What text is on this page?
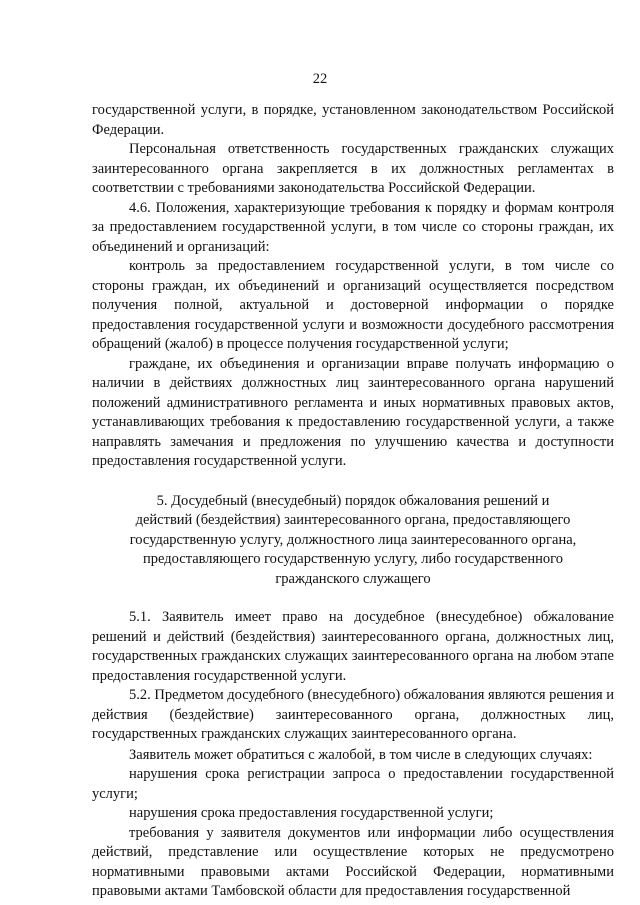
22

государственной услуги, в порядке, установленном законодательством Российской Федерации.

Персональная ответственность государственных гражданских служащих заинтересованного органа закрепляется в их должностных регламентах в соответствии с требованиями законодательства Российской Федерации.

4.6. Положения, характеризующие требования к порядку и формам контроля за предоставлением государственной услуги, в том числе со стороны граждан, их объединений и организаций:

контроль за предоставлением государственной услуги, в том числе со стороны граждан, их объединений и организаций осуществляется посредством получения полной, актуальной и достоверной информации о порядке предоставления государственной услуги и возможности досудебного рассмотрения обращений (жалоб) в процессе получения государственной услуги;

граждане, их объединения и организации вправе получать информацию о наличии в действиях должностных лиц заинтересованного органа нарушений положений административного регламента и иных нормативных правовых актов, устанавливающих требования к предоставлению государственной услуги, а также направлять замечания и предложения по улучшению качества и доступности предоставления государственной услуги.

5. Досудебный (внесудебный) порядок обжалования решений и
действий (бездействия) заинтересованного органа, предоставляющего
государственную услугу, должностного лица заинтересованного органа,
предоставляющего государственную услугу, либо государственного
гражданского служащего

5.1. Заявитель имеет право на досудебное (внесудебное) обжалование решений и действий (бездействия) заинтересованного органа, должностных лиц, государственных гражданских служащих заинтересованного органа на любом этапе предоставления государственной услуги.

5.2. Предметом досудебного (внесудебного) обжалования являются решения и действия (бездействие) заинтересованного органа, должностных лиц, государственных гражданских служащих заинтересованного органа.

Заявитель может обратиться с жалобой, в том числе в следующих случаях:

нарушения срока регистрации запроса о предоставлении государственной услуги;

нарушения срока предоставления государственной услуги;

требования у заявителя документов или информации либо осуществления действий, представление или осуществление которых не предусмотрено нормативными правовыми актами Российской Федерации, нормативными правовыми актами Тамбовской области для предоставления государственной
